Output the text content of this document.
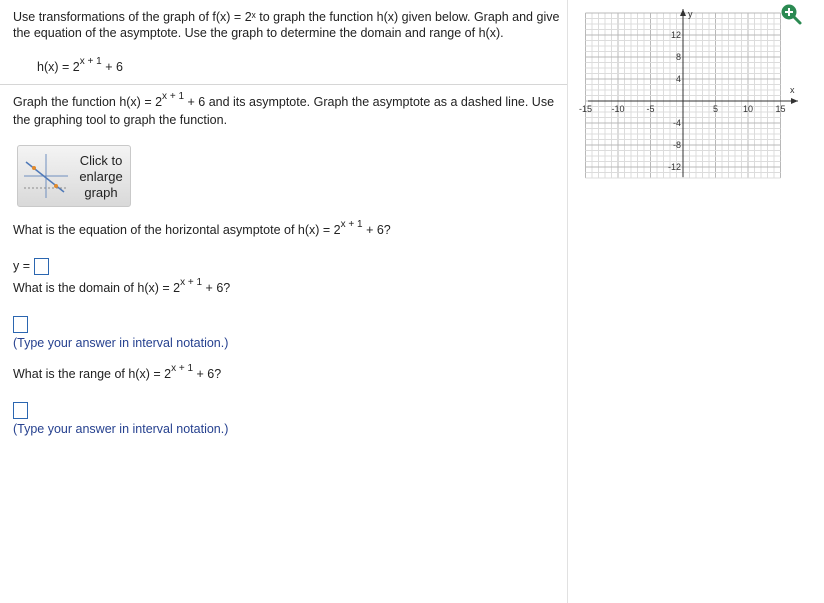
Use transformations of the graph of f(x) = 2ˣ to graph the function h(x) given below. Graph and give the equation of the asymptote. Use the graph to determine the domain and range of h(x).
$h(x) = 2^{x + 1} + 6$
Graph the function $h(x) = 2^{x + 1} + 6$ and its asymptote. Graph the asymptote as a dashed line. Use the graphing tool to graph the function.
Click to
enlarge
graph
What is the equation of the horizontal asymptote of $h(x) = 2^{x + 1} + 6$?
y =
What is the domain of $h(x) = 2^{x + 1} + 6$?
(Type your answer in interval notation.)
What is the range of $h(x) = 2^{x + 1} + 6$?
(Type your answer in interval notation.)
x
y
-15 -10 -5	5	10 15
12
8
4
-4
-8
-12
